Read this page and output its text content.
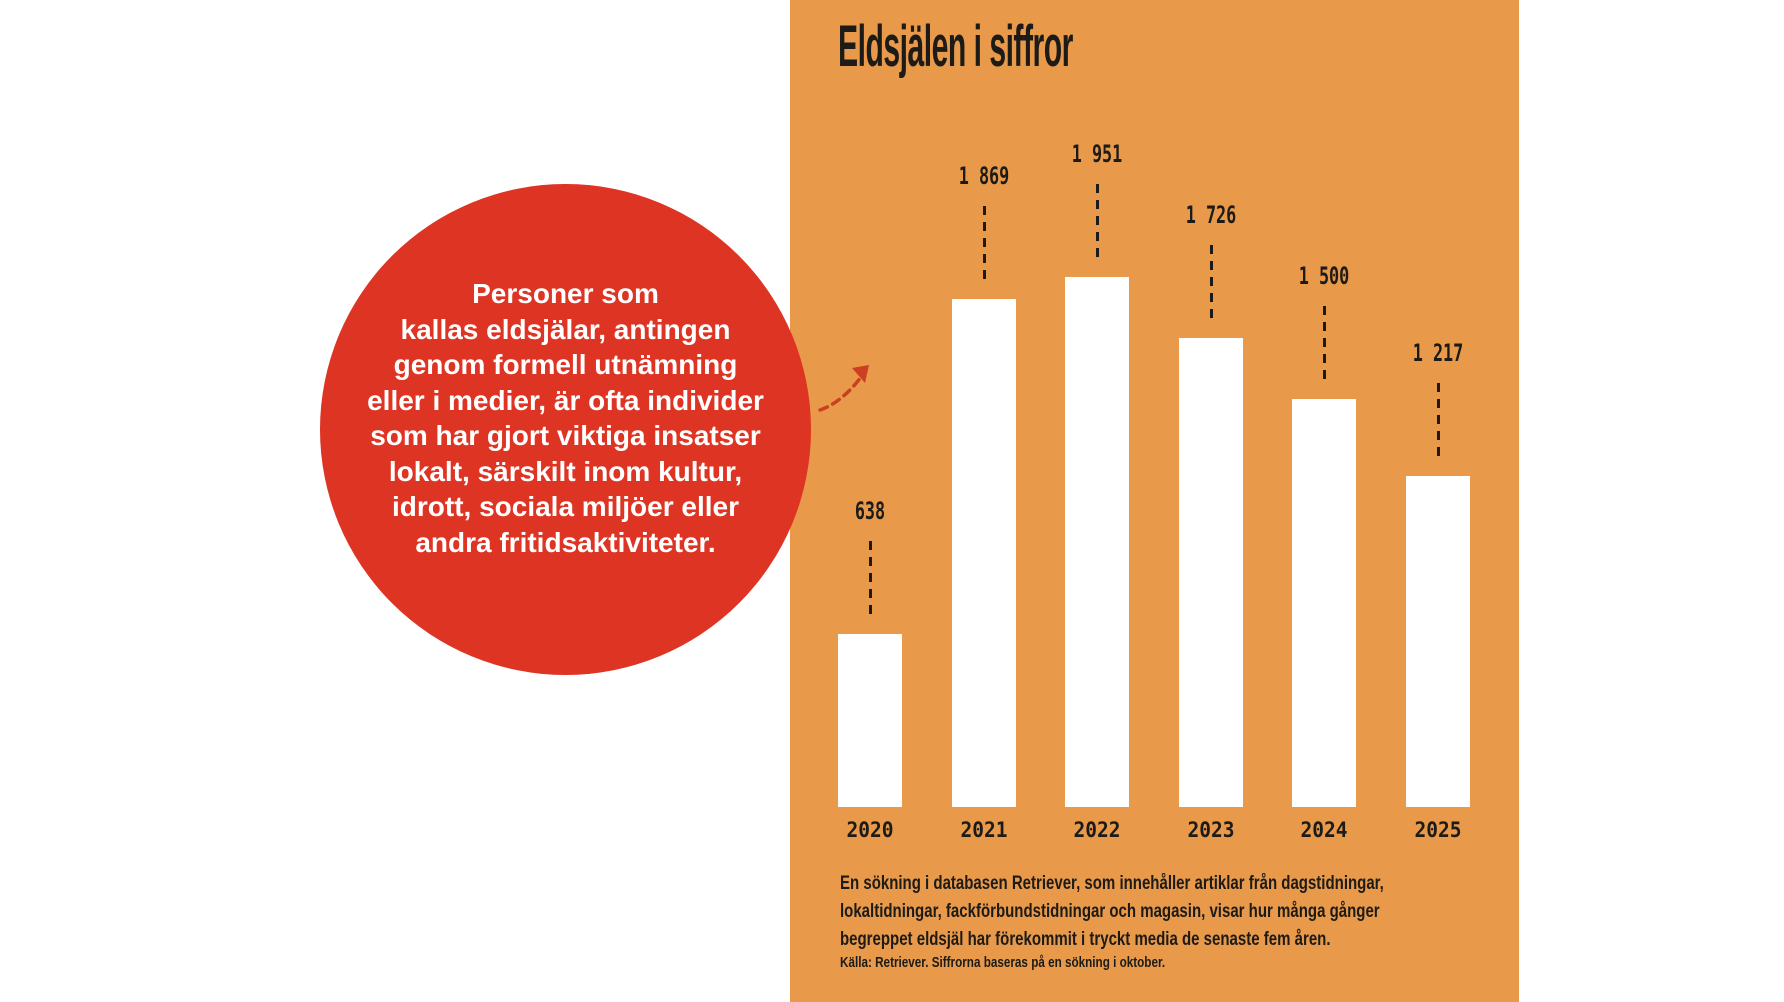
Eldsjälen i siffror
638
2020
1 869
2021
1 951
2022
1 726
2023
1 500
2024
1 217
2025
Personer som
kallas eldsjälar, antingen
genom formell utnämning
eller i medier, är ofta individer
som har gjort viktiga insatser
lokalt, särskilt inom kultur,
idrott, sociala miljöer eller
andra fritidsaktiviteter.
En sökning i databasen Retriever, som innehåller artiklar från dagstidningar,
lokaltidningar, fackförbundstidningar och magasin, visar hur många gånger
begreppet eldsjäl har förekommit i tryckt media de senaste fem åren.
Källa: Retriever. Siffrorna baseras på en sökning i oktober.
